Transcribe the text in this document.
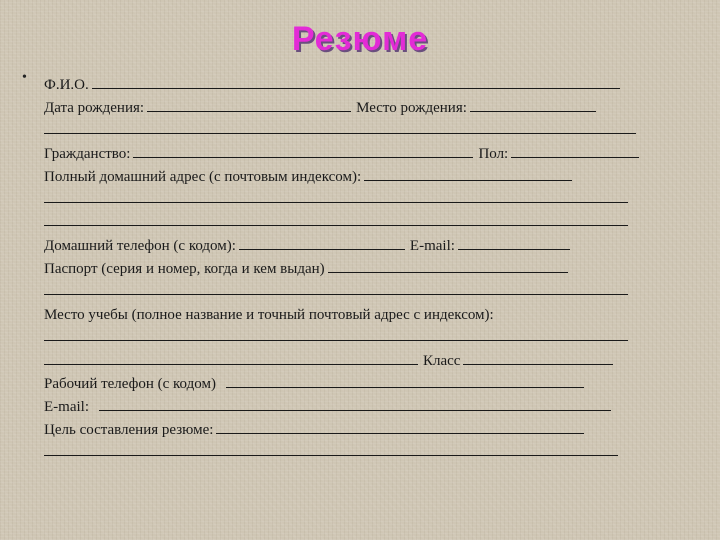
Резюме
• Ф.И.О.
Дата рождения:	Место рождения:
Гражданство:	Пол:
Полный домашний адрес (с почтовым индексом):
Домашний телефон (с кодом):	E-mail:
Паспорт (серия и номер, когда и кем выдан)
Место учебы (полное название и точный почтовый адрес с индексом):
Класс
Рабочий телефон (с кодом)
E-mail:
Цель составления резюме:
